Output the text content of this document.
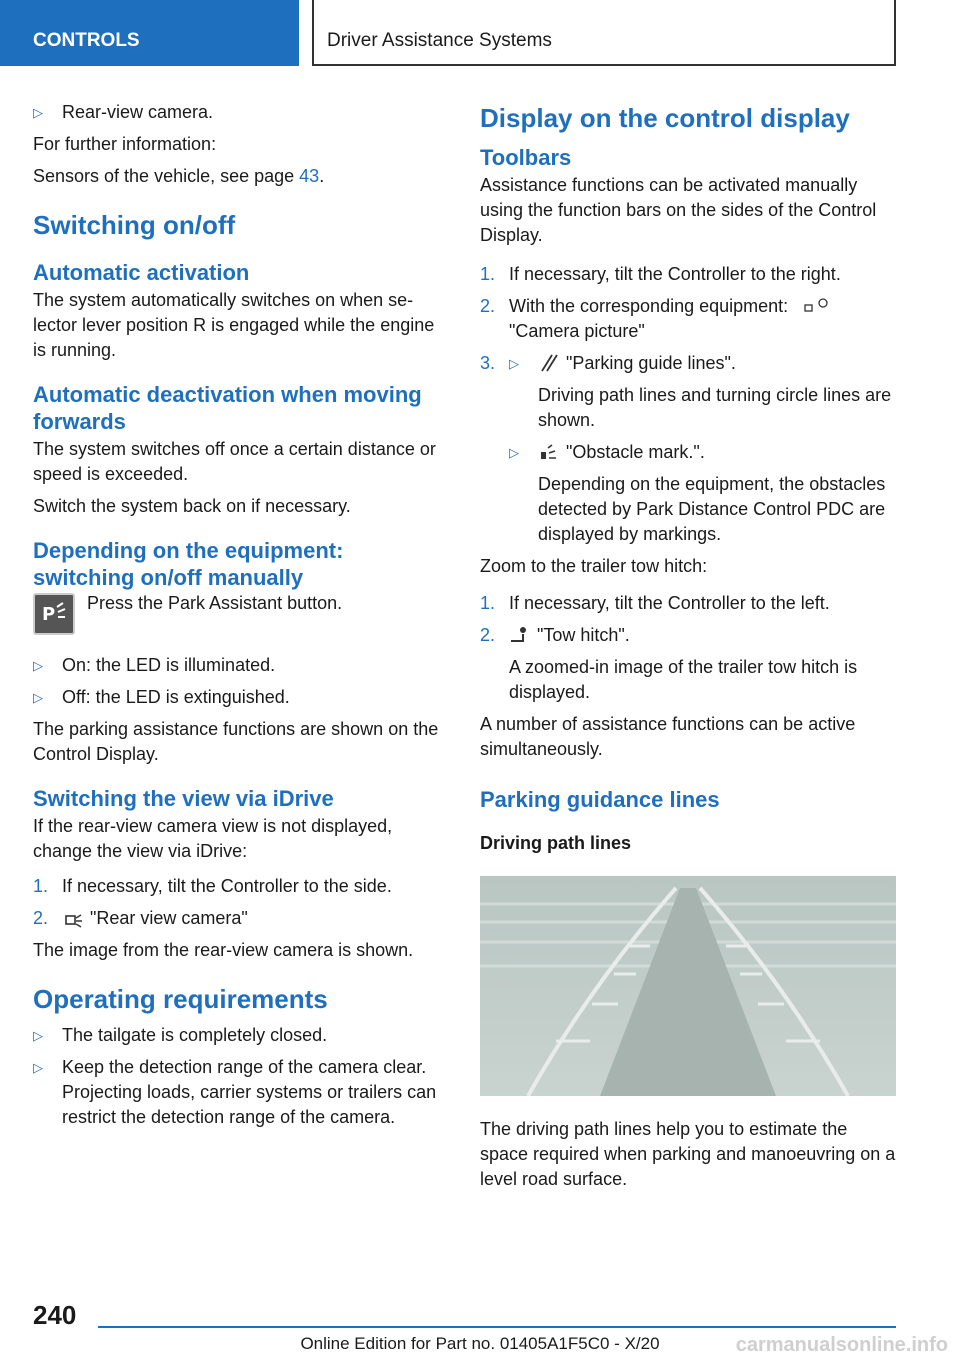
CONTROLS	Driver Assistance Systems
▷ Rear-view camera.

For further information:

Sensors of the vehicle, see page 43.

Switching on/off
Automatic activation

The system automatically switches on when selector lever position R is engaged while the engine is running.

Automatic deactivation when moving forwards

The system switches off once a certain distance or speed is exceeded.

Switch the system back on if necessary.

Depending on the equipment: switching on/off manually
P

Press the Park Assistant button.

▷ On: the LED is illuminated.
▷ Off: the LED is extinguished.

The parking assistance functions are shown on the Control Display.

Switching the view via iDrive

If the rear-view camera view is not displayed, change the view via iDrive:

1. If necessary, tilt the Controller to the side.
2. "Rear view camera"

The image from the rear-view camera is shown.

Operating requirements
▷ The tailgate is completely closed.
▷ Keep the detection range of the camera clear. Projecting loads, carrier systems or trailers can restrict the detection range of the camera.
Display on the control display
Toolbars

Assistance functions can be activated manually using the function bars on the sides of the Control Display.

1. If necessary, tilt the Controller to the right.
2. With the corresponding equipment:
"Camera picture"
3. ▷	"Parking guide lines".

Driving path lines and turning circle lines are shown.

▷	"Obstacle mark.".

Depending on the equipment, the obstacles detected by Park Distance Control PDC are displayed by markings.

Zoom to the trailer tow hitch:

1. If necessary, tilt the Controller to the left.
2. "Tow hitch".

A zoomed-in image of the trailer tow hitch is displayed.

A number of assistance functions can be active simultaneously.

Parking guidance lines
Driving path lines

The driving path lines help you to estimate the space required when parking and manoeuvring on a level road surface.

240
Online Edition for Part no. 01405A1F5C0 - X/20	carmanualsonline.info
